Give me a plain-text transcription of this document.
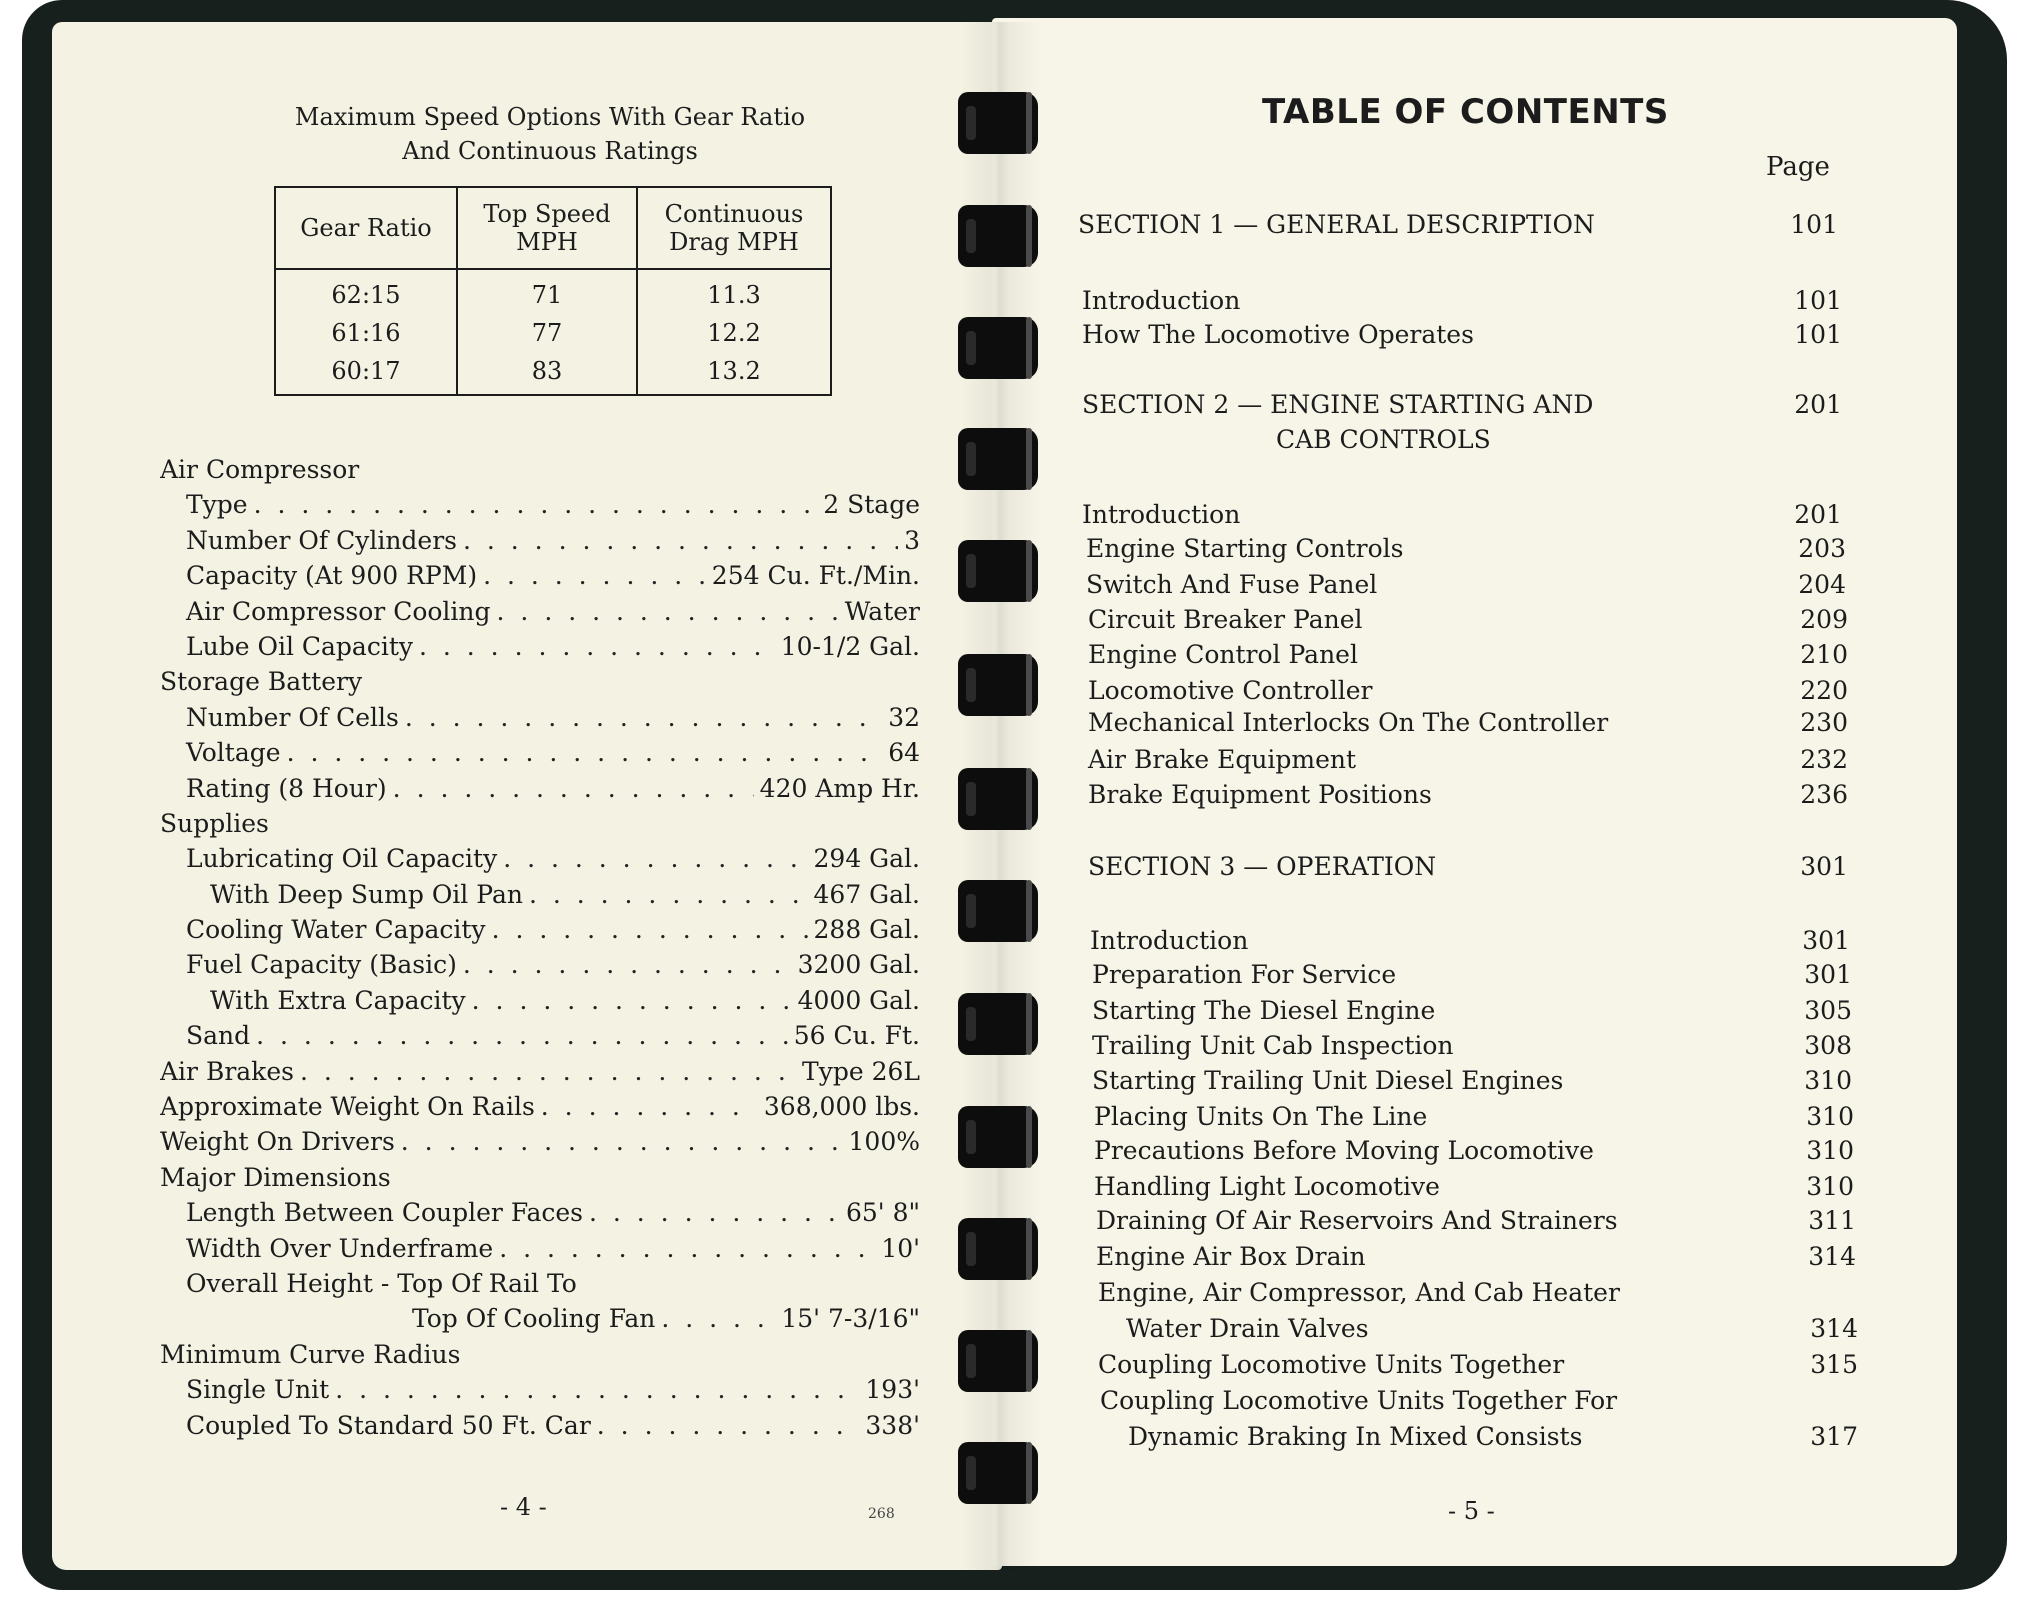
Maximum Speed Options With Gear Ratio
And Continuous Ratings
Gear Ratio	Top Speed MPH	Continuous Drag MPH
62:15	71	11.3
61:16	77	12.2
60:17	83	13.2
Air Compressor
Type . . .	2 Stage
Number Of Cylinders . . .	3
Capacity (At 900 RPM) . . .	254 Cu. Ft./Min.
Air Compressor Cooling . . .	Water
Lube Oil Capacity . . .	10-1/2 Gal.
Storage Battery
Number Of Cells . . .	32
Voltage . . .	64
Rating (8 Hour) . . .	420 Amp Hr.
Supplies
Lubricating Oil Capacity . . .	294 Gal.
With Deep Sump Oil Pan . . .	467 Gal.
Cooling Water Capacity . . .	288 Gal.
Fuel Capacity (Basic) . . .	3200 Gal.
With Extra Capacity . . .	4000 Gal.
Sand . . .	56 Cu. Ft.
Air Brakes . . .	Type 26L
Approximate Weight On Rails . . .	368,000 lbs.
Weight On Drivers . . .	100%
Major Dimensions
Length Between Coupler Faces . . .	65' 8"
Width Over Underframe . . .	10'
Overall Height - Top Of Rail To
Top Of Cooling Fan . . .	15' 7-3/16"
Minimum Curve Radius
Single Unit . . .	193'
Coupled To Standard 50 Ft. Car . . .	338'
- 4 -	268
TABLE OF CONTENTS
Page
SECTION 1 — GENERAL DESCRIPTION	101
Introduction	101
How The Locomotive Operates	101
SECTION 2 — ENGINE STARTING AND	201
CAB CONTROLS
Introduction	201
Engine Starting Controls	203
Switch And Fuse Panel	204
Circuit Breaker Panel	209
Engine Control Panel	210
Locomotive Controller	220
Mechanical Interlocks On The Controller	230
Air Brake Equipment	232
Brake Equipment Positions	236
SECTION 3 — OPERATION	301
Introduction	301
Preparation For Service	301
Starting The Diesel Engine	305
Trailing Unit Cab Inspection	308
Starting Trailing Unit Diesel Engines	310
Placing Units On The Line	310
Precautions Before Moving Locomotive	310
Handling Light Locomotive	310
Draining Of Air Reservoirs And Strainers	311
Engine Air Box Drain	314
Engine, Air Compressor, And Cab Heater
Water Drain Valves	314
Coupling Locomotive Units Together	315
Coupling Locomotive Units Together For
Dynamic Braking In Mixed Consists	317
- 5 -
